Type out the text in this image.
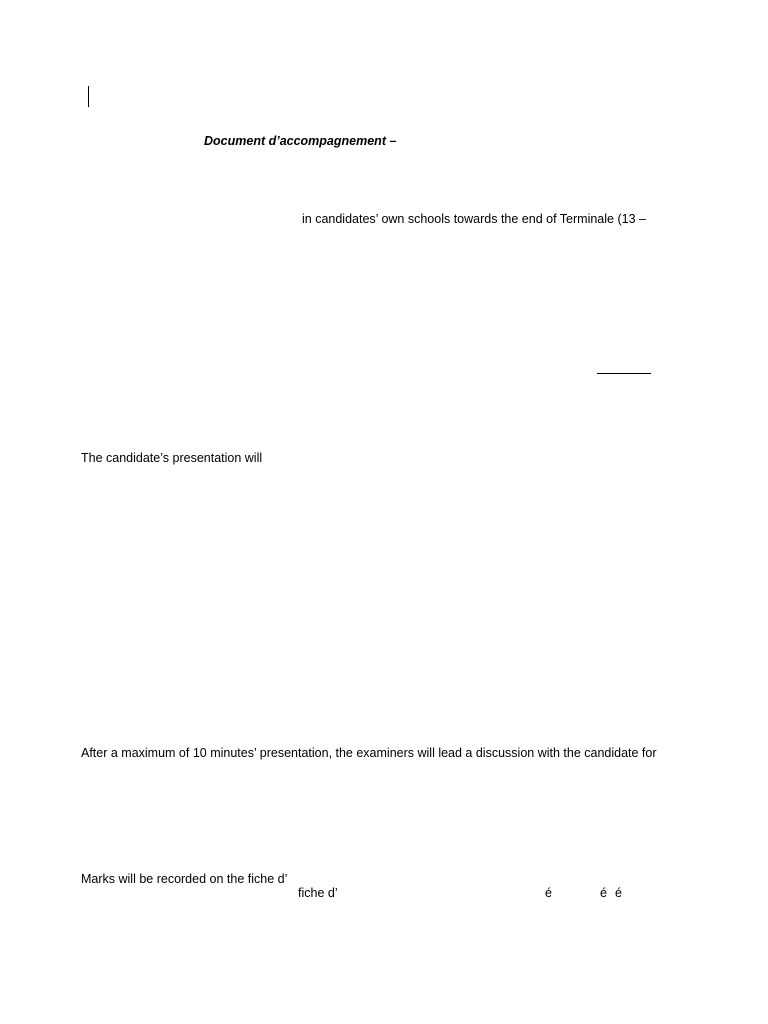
Document d’accompagnement –
in candidates’ own schools towards the end of Terminale (13 –
The candidate’s presentation will
After a maximum of 10 minutes’ presentation, the examiners will lead a discussion with the candidate for
Marks will be recorded on the fiche d’
fiche d’	é	é é
